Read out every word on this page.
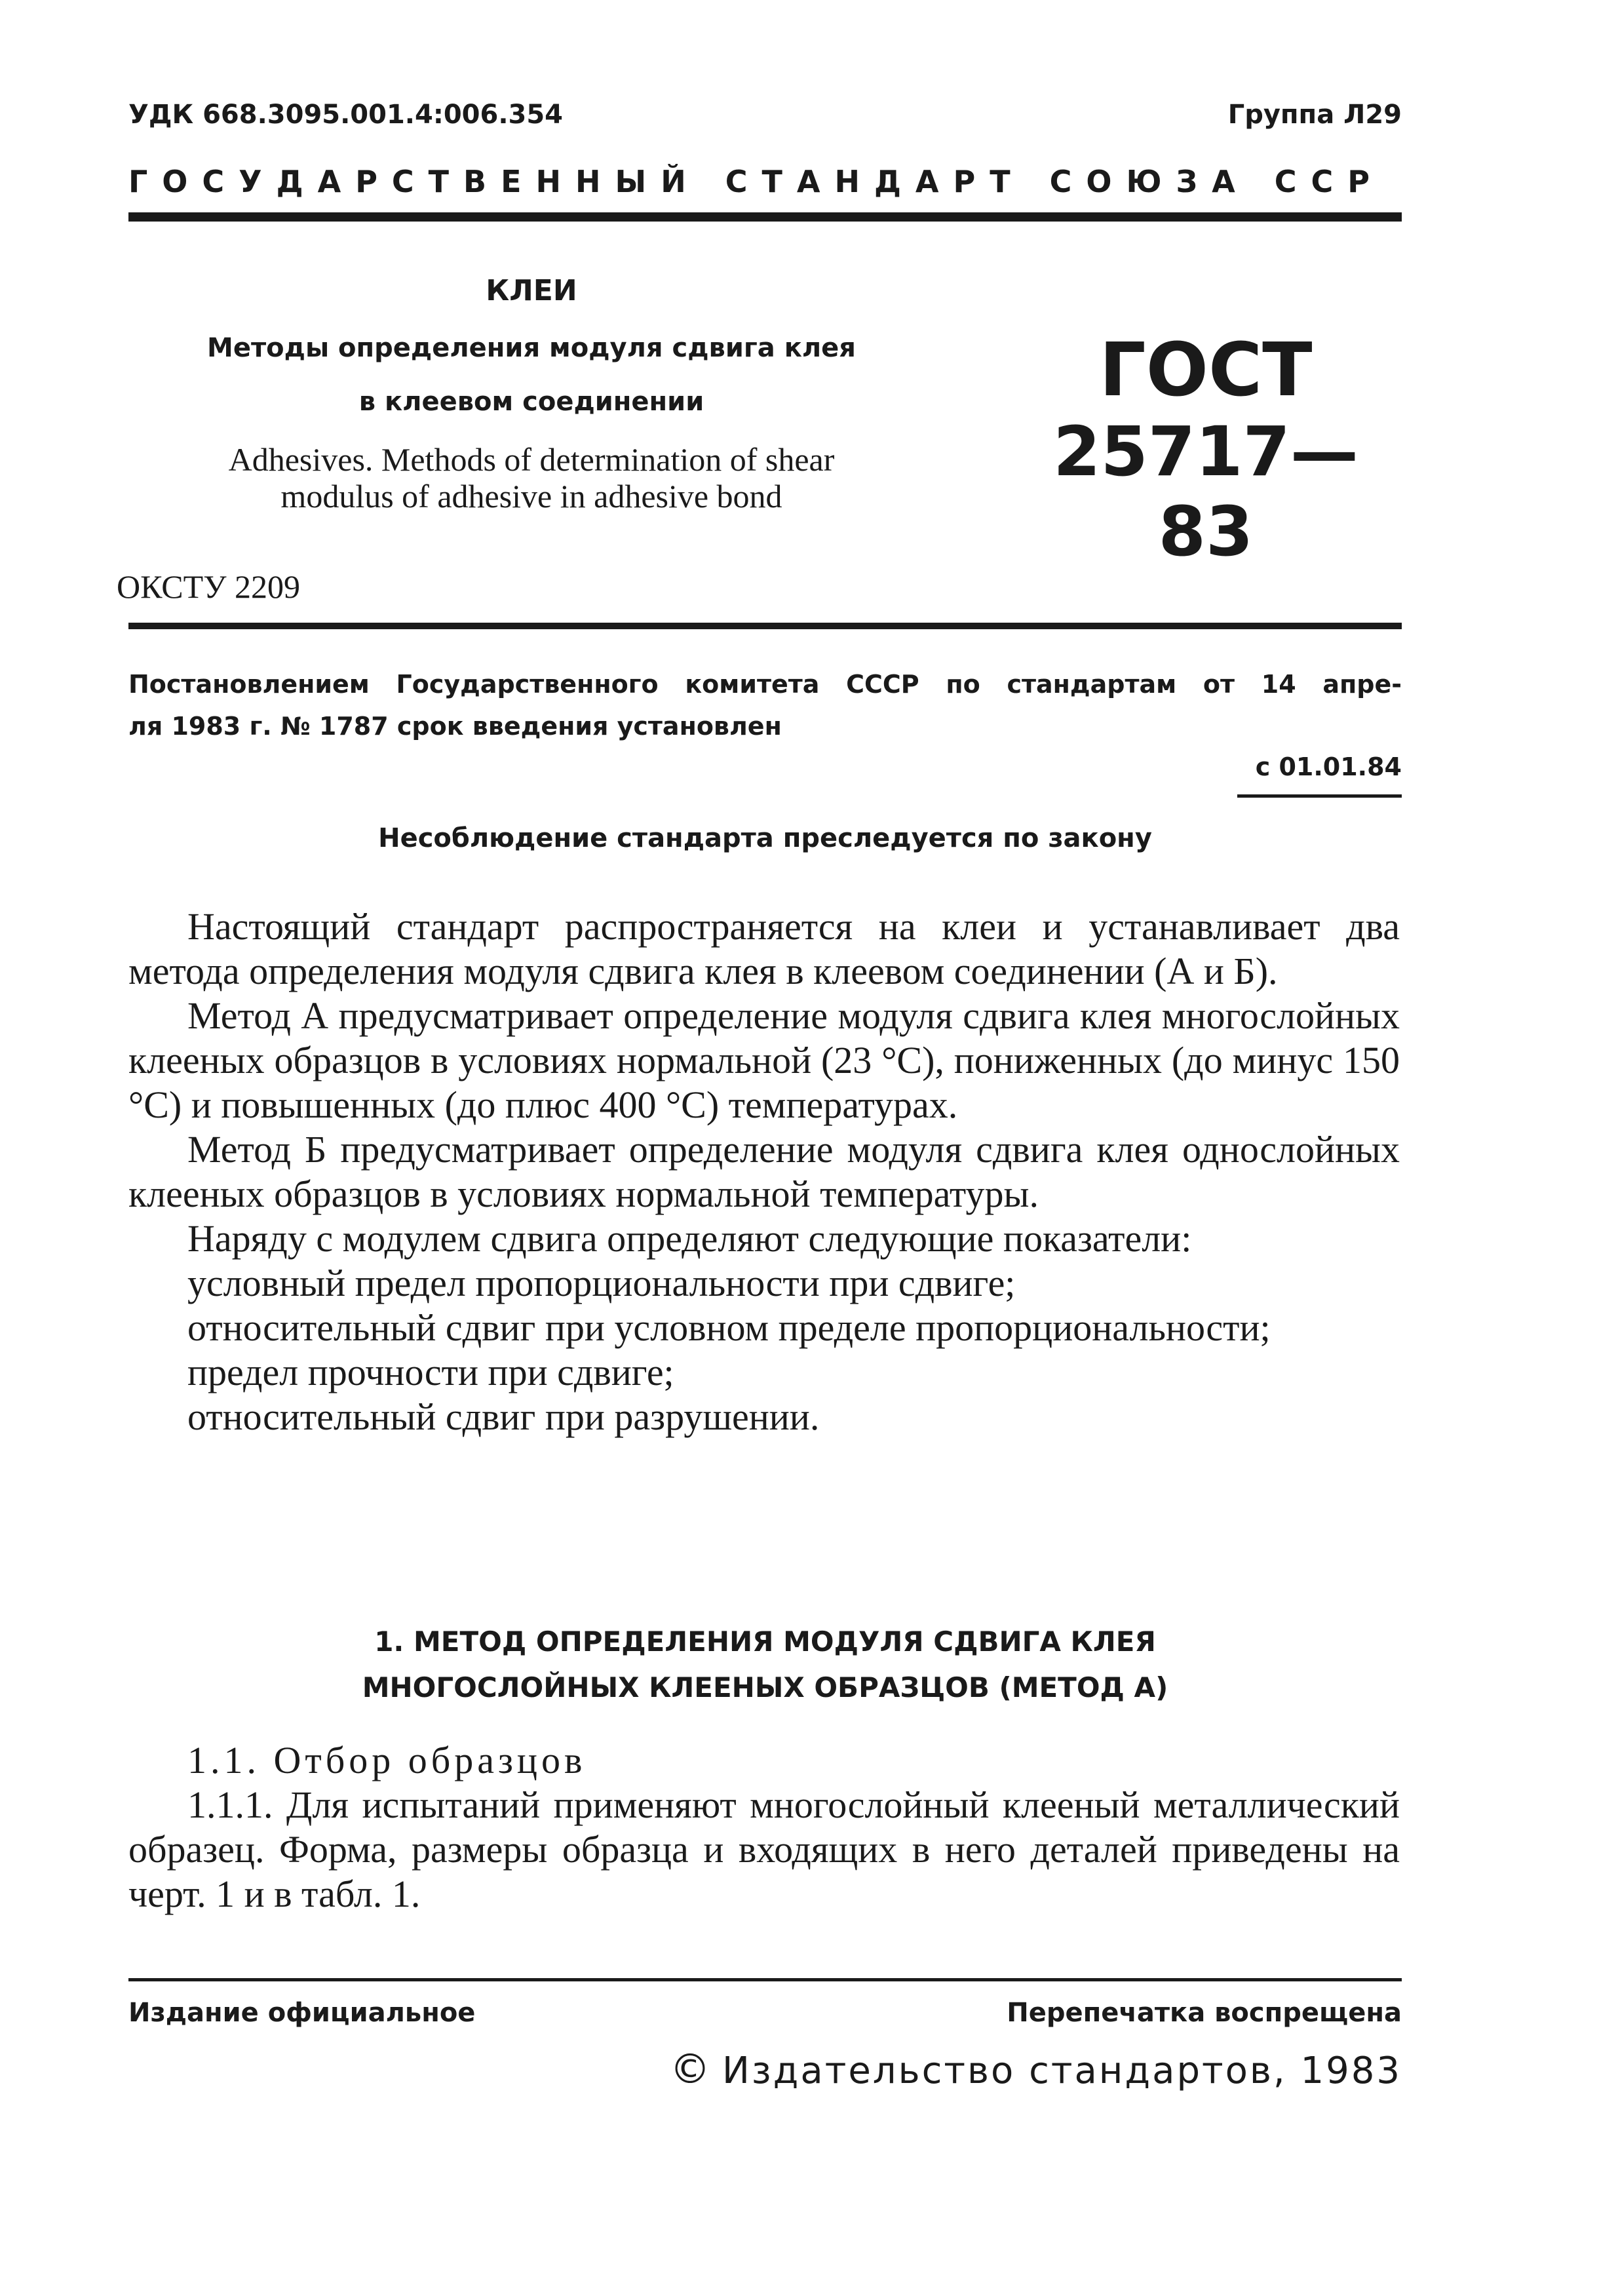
УДК 668.3095.001.4:006.354	Группа Л29
ГОСУДАРСТВЕННЫЙ СТАНДАРТ СОЮЗА ССР
КЛЕИ
Методы определения модуля сдвига клея
в клеевом соединении
Adhesives. Methods of determination of shear
modulus of adhesive in adhesive bond
ГОСТ
25717—83
ОКСТУ 2209
Постановлением Государственного комитета СССР по стандартам от 14 апре-
ля 1983 г. № 1787 срок введения установлен
с 01.01.84
Несоблюдение стандарта преследуется по закону

Настоящий стандарт распространяется на клеи и устанавливает два метода определения модуля сдвига клея в клеевом соединении (А и Б).

Метод А предусматривает определение модуля сдвига клея многослойных клееных образцов в условиях нормальной (23 °С), пониженных (до минус 150 °С) и повышенных (до плюс 400 °С) температурах.

Метод Б предусматривает определение модуля сдвига клея однослойных клееных образцов в условиях нормальной температуры.

Наряду с модулем сдвига определяют следующие показатели:

условный предел пропорциональности при сдвиге;

относительный сдвиг при условном пределе пропорциональности;

предел прочности при сдвиге;

относительный сдвиг при разрушении.

1. МЕТОД ОПРЕДЕЛЕНИЯ МОДУЛЯ СДВИГА КЛЕЯ
МНОГОСЛОЙНЫХ КЛЕЕНЫХ ОБРАЗЦОВ (МЕТОД А)

1.1. Отбор образцов

1.1.1. Для испытаний применяют многослойный клееный металлический образец. Форма, размеры образца и входящих в него деталей приведены на черт. 1 и в табл. 1.

Издание официальное	Перепечатка воспрещена
© Издательство стандартов, 1983
